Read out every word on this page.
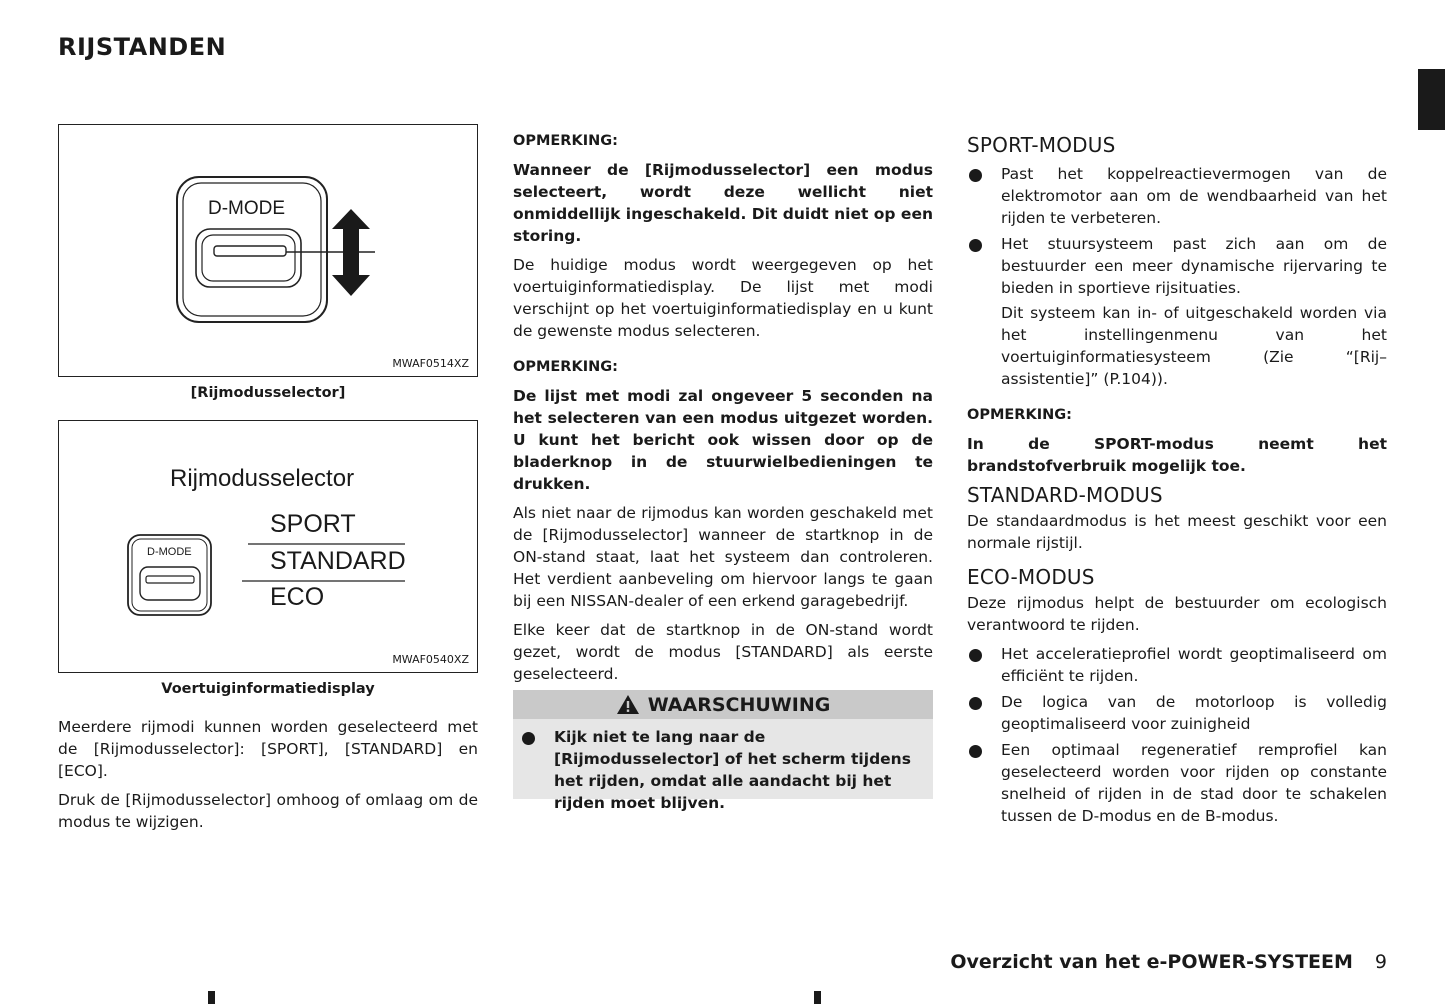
RIJSTANDEN
D-MODE
MWAF0514XZ
[Rijmodusselector]
Rijmodusselector
D-MODE
SPORT
STANDARD
ECO
MWAF0540XZ
Voertuiginformatiedisplay

Meerdere rijmodi kunnen worden geselecteerd met de [Rijmodusselector]: [SPORT], [STANDARD] en [ECO].

Druk de [Rijmodusselector] omhoog of omlaag om de modus te wijzigen.

OPMERKING:

Wanneer de [Rijmodusselector] een modus selecteert, wordt deze wellicht niet onmiddellijk ingeschakeld. Dit duidt niet op een storing.

De huidige modus wordt weergegeven op het voertuiginformatiedisplay. De lijst met modi verschijnt op het voertuiginformatiedisplay en u kunt de gewenste modus selecteren.

OPMERKING:

De lijst met modi zal ongeveer 5 seconden na het selecteren van een modus uitgezet worden. U kunt het bericht ook wissen door op de bladerknop in de stuurwielbedieningen te drukken.

Als niet naar de rijmodus kan worden geschakeld met de [Rijmodusselector] wanneer de startknop in de ON-stand staat, laat het systeem dan controleren. Het verdient aanbeveling om hiervoor langs te gaan bij een NISSAN-dealer of een erkend garagebedrijf.

Elke keer dat de startknop in de ON-stand wordt gezet, wordt de modus [STANDARD] als eerste geselecteerd.

WAARSCHUWING
Kijk niet te lang naar de [Rijmodusselector] of het scherm tijdens het rijden, omdat alle aandacht bij het rijden moet blijven.

SPORT-MODUS

Past het koppelreactievermogen van de elektromotor aan om de wendbaarheid van het rijden te verbeteren.

Het stuursysteem past zich aan om de bestuurder een meer dynamische rijervaring te bieden in sportieve rijsituaties.

Dit systeem kan in- of uitgeschakeld worden via het instellingenmenu van het voertuiginformatiesysteem (Zie “[Rij–assistentie]” (P.104)).

OPMERKING:

In de SPORT-modus neemt het brandstofverbruik mogelijk toe.

STANDARD-MODUS

De standaardmodus is het meest geschikt voor een normale rijstijl.

ECO-MODUS

Deze rijmodus helpt de bestuurder om ecologisch verantwoord te rijden.

Het acceleratieprofiel wordt geoptimaliseerd om efficiënt te rijden.

De logica van de motorloop is volledig geoptimaliseerd voor zuinigheid

Een optimaal regeneratief remprofiel kan geselecteerd worden voor rijden op constante snelheid of rijden in de stad door te schakelen tussen de D-modus en de B-modus.

Overzicht van het e-POWER-SYSTEEM 9
